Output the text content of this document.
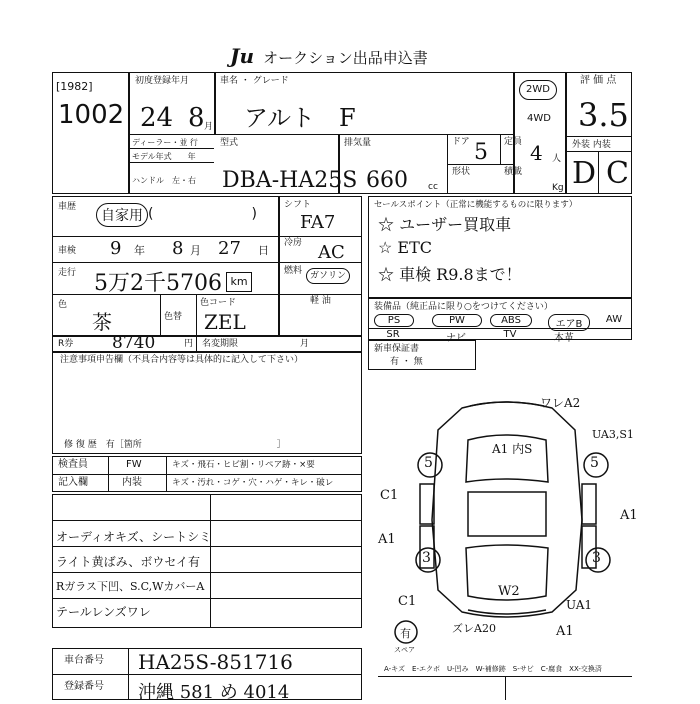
Ju オークション出品申込書
[1982]
1002
初度登録年月
24 8 月
車名 ・ グレード
アルト　F
2WD
4WD
評 価 点
3.5
ディーラー・並 行
モデル年式　　年
ハンドル　左・右
型式
DBA-HA25S
排気量
660 cc
ドア 5 定員 4 人
形状	積載
Kg
外装 内装
D C
車歴
自家用 (　　　　　　　)
車検 9 年 8 月 27 日
走行 5万2千5706 km
色
茶	色替
色コード
ZEL
シフト
FA7
冷房 AC
燃料 ガソリン
軽 油
R券 8740	円 名変期限	月
注意事項申告欄（不具合内容等は具体的に記入して下さい）
修 復 歴　有［箇所　　　　　　　　　　　　　　　］
セールスポイント（正常に機能するものに限ります）
☆ ユーザー買取車
☆ ETC
☆ 車検 R9.8まで！
装備品（純正品に限り○をつけてください）
PS	PW	ABS	エアB	AW
SR	ナビ	TV	本革
新車保証書
有 ・ 無
検査員	FW	キズ・飛石・ヒビ割・リペア跡・×要
記入欄	内装	キズ・汚れ・コゲ・穴・ハゲ・キレ・破レ
オーディオキズ、シートシミ
ライト黄ばみ、ボウセイ有
Rガラス下凹、S.C,WカバーA
テールレンズワレ
車台番号 HA25S-851716
登録番号 沖縄 581 め 4014
A-キズ　E-エクボ　U-凹み　W-補修跡　S-サビ　C-腐食　XX-交換済
5	5
3	3
ワレA2
A1 内S
UA3,S1
C1
A1
A1
W2
C1	UA1
A1
ズレA20
有
スペア
